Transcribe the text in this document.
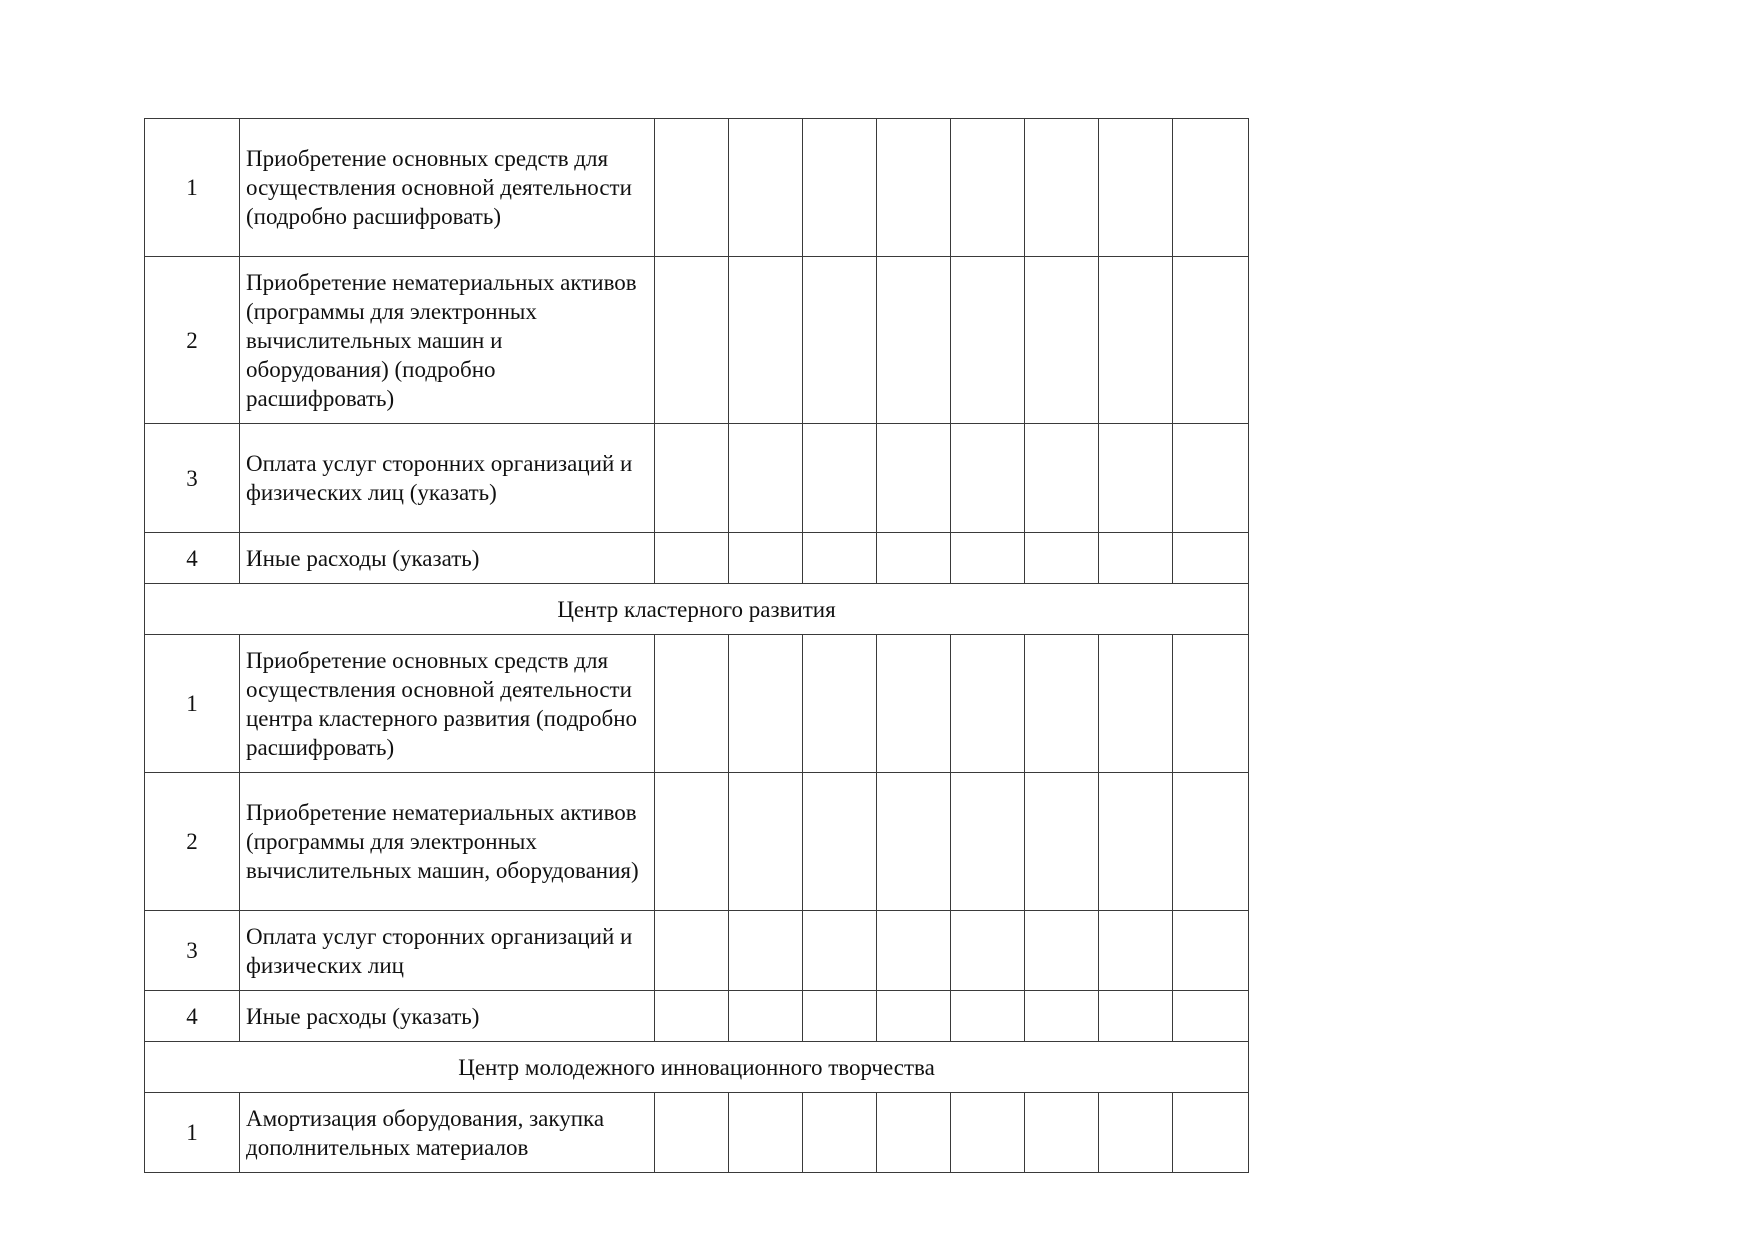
1	Приобретение основных средств для осуществления основной деятельности (подробно расшифровать)								
2	Приобретение нематериальных активов (программы для электронных вычислительных машин и оборудования) (подробно расшифровать)								
3	Оплата услуг сторонних организаций и физических лиц (указать)								
4	Иные расходы (указать)								
Центр кластерного развития									
1	Приобретение основных средств для осуществления основной деятельности центра кластерного развития (подробно расшифровать)								
2	Приобретение нематериальных активов (программы для электронных вычислительных машин, оборудования)								
3	Оплата услуг сторонних организаций и физических лиц								
4	Иные расходы (указать)								
Центр молодежного инновационного творчества									
1	Амортизация оборудования, закупка дополнительных материалов								
